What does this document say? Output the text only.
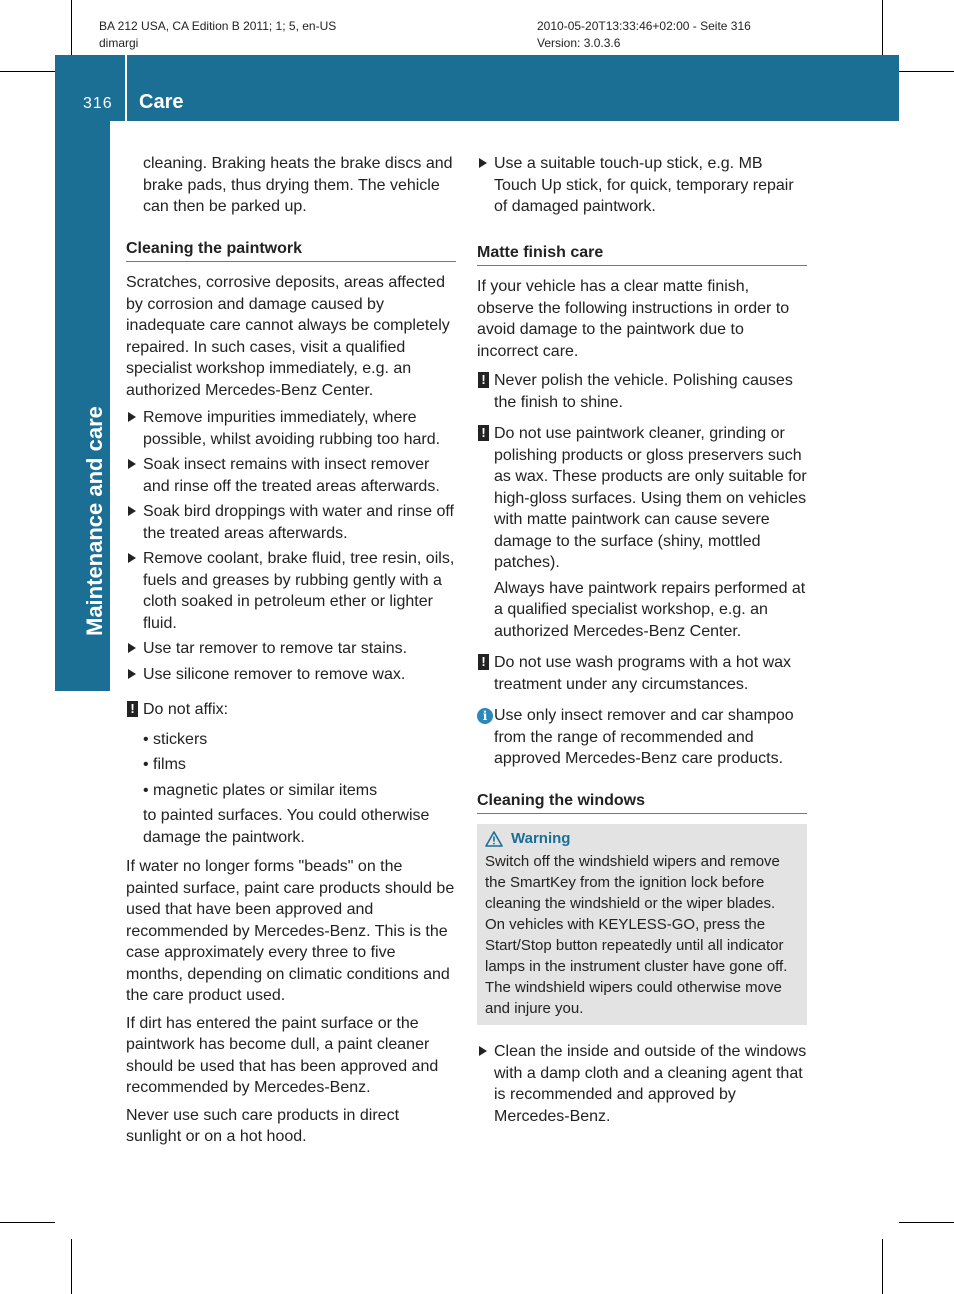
BA 212 USA, CA Edition B 2011; 1; 5, en-US
dimargi
2010-05-20T13:33:46+02:00 - Seite 316
Version: 3.0.3.6
316 Care
Maintenance and care

cleaning. Braking heats the brake discs and brake pads, thus drying them. The vehicle can then be parked up.

Cleaning the paintwork

Scratches, corrosive deposits, areas affected by corrosion and damage caused by inadequate care cannot always be completely repaired. In such cases, visit a qualified specialist workshop immediately, e.g. an authorized Mercedes-Benz Center.

Remove impurities immediately, where possible, whilst avoiding rubbing too hard.
Soak insect remains with insect remover and rinse off the treated areas afterwards.
Soak bird droppings with water and rinse off the treated areas afterwards.
Remove coolant, brake fluid, tree resin, oils, fuels and greases by rubbing gently with a cloth soaked in petroleum ether or lighter fluid.
Use tar remover to remove tar stains.
Use silicone remover to remove wax.
! Do not affix:
• stickers
• films
• magnetic plates or similar items

to painted surfaces. You could otherwise damage the paintwork.

If water no longer forms "beads" on the painted surface, paint care products should be used that have been approved and recommended by Mercedes-Benz. This is the case approximately every three to five months, depending on climatic conditions and the care product used.

If dirt has entered the paint surface or the paintwork has become dull, a paint cleaner should be used that has been approved and recommended by Mercedes-Benz.

Never use such care products in direct sunlight or on a hot hood.

Use a suitable touch-up stick, e.g. MB Touch Up stick, for quick, temporary repair of damaged paintwork.
Matte finish care

If your vehicle has a clear matte finish, observe the following instructions in order to avoid damage to the paintwork due to incorrect care.

! Never polish the vehicle. Polishing causes the finish to shine.
! Do not use paintwork cleaner, grinding or polishing products or gloss preservers such as wax. These products are only suitable for high-gloss surfaces. Using them on vehicles with matte paintwork can cause severe damage to the surface (shiny, mottled patches).
Always have paintwork repairs performed at a qualified specialist workshop, e.g. an authorized Mercedes-Benz Center.
! Do not use wash programs with a hot wax treatment under any circumstances.
i Use only insect remover and car shampoo from the range of recommended and approved Mercedes-Benz care products.
Cleaning the windows
Warning
Switch off the windshield wipers and remove the SmartKey from the ignition lock before cleaning the windshield or the wiper blades. On vehicles with KEYLESS-GO, press the Start/Stop button repeatedly until all indicator lamps in the instrument cluster have gone off. The windshield wipers could otherwise move and injure you.
Clean the inside and outside of the windows with a damp cloth and a cleaning agent that is recommended and approved by Mercedes-Benz.
